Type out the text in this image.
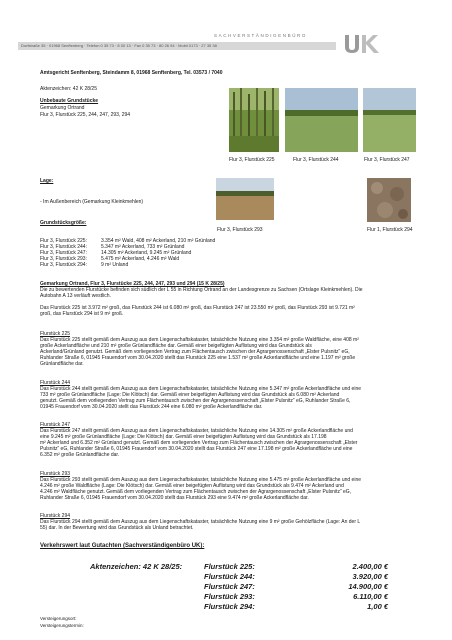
Dorfstraße 35 · 01968 Senftenberg · Telefon 0 35 73 · 8 00 13 · Fax 0 35 73 · 80 26 94 · Mobil 0173 · 27 35 38
SACHVERSTÄNDIGENBÜRO
Amtsgericht Senftenberg, Steindamm 8, 01968 Senftenberg, Tel. 03573 / 7040
Aktenzeichen: 42 K 28/25
Unbebaute Grundstücke
Gemarkung Ortrand
Flur 3, Flurstück 225, 244, 247, 293, 294
Flur 3, Flurstück 225	Flur 3, Flurstück 244	Flur 3, Flurstück 247
Lage:
- Im Außenbereich (Gemarkung Kleinkmehlen)
Flur 3, Flurstück 293	Flur 1, Flurstück 294
Grundstücksgröße:
Flur 3, Flurstück 225:	3.354 m² Wald, 408 m² Ackerland, 210 m² Grünland
Flur 3, Flurstück 244:	5.347 m² Ackerland, 733 m² Grünland
Flur 3, Flurstück 247:	14.305 m² Ackerland, 9.245 m² Grünland
Flur 3, Flurstück 293:	5.475 m² Ackerland, 4.246 m² Wald
Flur 3, Flurstück 294:	9 m² Unland

Gemarkung Ortrand, Flur 3, Flurstücke 225, 244, 247, 293 und 294 (15 K 28/25)

Die zu bewertenden Flurstücke befinden sich südlich der L 55 in Richtung Ortrand an der Landesgrenze zu Sachsen (Ortslage Kleinkmehlen). Die

Autobahn A 13 verläuft westlich.

Das Flurstück 225 ist 3.972 m² groß, das Flurstück 244 ist 6.080 m² groß, das Flurstück 247 ist 23.550 m² groß, das Flurstück 293 ist 9.721 m²

groß, das Flurstück 294 ist 9 m² groß.

Flurstück 225

Das Flurstück 225 stellt gemäß dem Auszug aus dem Liegenschaftskataster, tatsächliche Nutzung eine 3.354 m² große Waldfläche, eine 408 m²

große Ackerlandfläche und 210 m² große Grünlandfläche dar. Gemäß einer beigefügten Auflistung wird das Grundstück als

Ackerland/Grünland genutzt. Gemäß dem vorliegenden Vertrag zum Flächentausch zwischen der Agrargenossenschaft „Elster Pulsnitz“ eG,

Ruhlander Straße 6, 01945 Frauendorf vom 30.04.2020 stellt das Flurstück 225 eine 1.537 m² große Ackerlandfläche und eine 1.197 m² große

Grünlandfläche dar.

Flurstück 244

Das Flurstück 244 stellt gemäß dem Auszug aus dem Liegenschaftskataster, tatsächliche Nutzung eine 5.347 m² große Ackerlandfläche und eine

733 m² große Grünlandfläche (Lage: Die Klötsch) dar. Gemäß einer beigefügten Auflistung wird das Grundstück als 6.080 m² Ackerland

genutzt. Gemäß dem vorliegenden Vertrag zum Flächentausch zwischen der Agrargenossenschaft „Elster Pulsnitz“ eG, Ruhlander Straße 6,

01945 Frauendorf vom 30.04.2020 stellt das Flurstück 244 eine 6.080 m² große Ackerlandfläche dar.

Flurstück 247

Das Flurstück 247 stellt gemäß dem Auszug aus dem Liegenschaftskataster, tatsächliche Nutzung eine 14.305 m² große Ackerlandfläche und

eine 9.245 m² große Grünlandfläche (Lage: Die Klötsch) dar. Gemäß einer beigefügten Auflistung wird das Grundstück als 17.198

m² Ackerland und 6.352 m² Grünland genutzt. Gemäß dem vorliegenden Vertrag zum Flächentausch zwischen der Agrargenossenschaft „Elster

Pulsnitz“ eG, Ruhlander Straße 6, 01945 Frauendorf vom 30.04.2020 stellt das Flurstück 247 eine 17.198 m² große Ackerlandfläche und eine

6.352 m² große Grünlandfläche dar.

Flurstück 293

Das Flurstück 293 stellt gemäß dem Auszug aus dem Liegenschaftskataster, tatsächliche Nutzung eine 5.475 m² große Ackerlandfläche und eine

4.246 m² große Waldfläche (Lage: Die Klötsch) dar. Gemäß einer beigefügten Auflistung wird das Grundstück als 9.474 m² Ackerland und

4.246 m² Waldfläche genutzt. Gemäß dem vorliegenden Vertrag zum Flächentausch zwischen der Agrargenossenschaft „Elster Pulsnitz“ eG,

Ruhlander Straße 6, 01945 Frauendorf vom 30.04.2020 stellt das Flurstück 293 eine 9.474 m² große Ackerlandfläche dar.

Flurstück 294

Das Flurstück 294 stellt gemäß dem Auszug aus dem Liegenschaftskataster, tatsächliche Nutzung eine 9 m² große Gehölzfläche (Lage: An der L

55) dar. In der Bewertung wird das Grundstück als Unland betrachtet.

Verkehrswert laut Gutachten (Sachverständigenbüro UK):
Aktenzeichen: 42 K 28/25:	Flurstück 225:	2.400,00 €
Flurstück 244:	3.920,00 €
Flurstück 247:	14.900,00 €
Flurstück 293:	6.110,00 €
Flurstück 294:	1,00 €
Versteigerungsort:
Versteigerungstermin:
